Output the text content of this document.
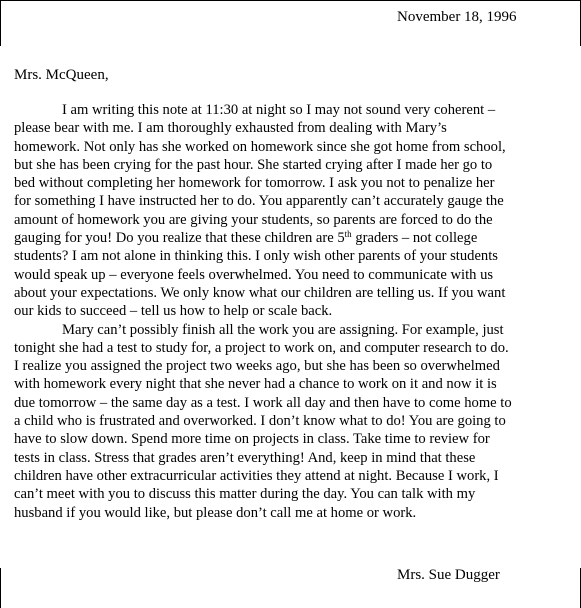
November 18, 1996
Mrs. McQueen,
I am writing this note at 11:30 at night so I may not sound very coherent –
please bear with me. I am thoroughly exhausted from dealing with Mary’s
homework. Not only has she worked on homework since she got home from school,
but she has been crying for the past hour. She started crying after I made her go to
bed without completing her homework for tomorrow. I ask you not to penalize her
for something I have instructed her to do. You apparently can’t accurately gauge the
amount of homework you are giving your students, so parents are forced to do the
gauging for you! Do you realize that these children are 5th graders – not college
students? I am not alone in thinking this. I only wish other parents of your students
would speak up – everyone feels overwhelmed. You need to communicate with us
about your expectations. We only know what our children are telling us. If you want
our kids to succeed – tell us how to help or scale back.
Mary can’t possibly finish all the work you are assigning. For example, just
tonight she had a test to study for, a project to work on, and computer research to do.
I realize you assigned the project two weeks ago, but she has been so overwhelmed
with homework every night that she never had a chance to work on it and now it is
due tomorrow – the same day as a test. I work all day and then have to come home to
a child who is frustrated and overworked. I don’t know what to do! You are going to
have to slow down. Spend more time on projects in class. Take time to review for
tests in class. Stress that grades aren’t everything! And, keep in mind that these
children have other extracurricular activities they attend at night. Because I work, I
can’t meet with you to discuss this matter during the day. You can talk with my
husband if you would like, but please don’t call me at home or work.
Mrs. Sue Dugger
